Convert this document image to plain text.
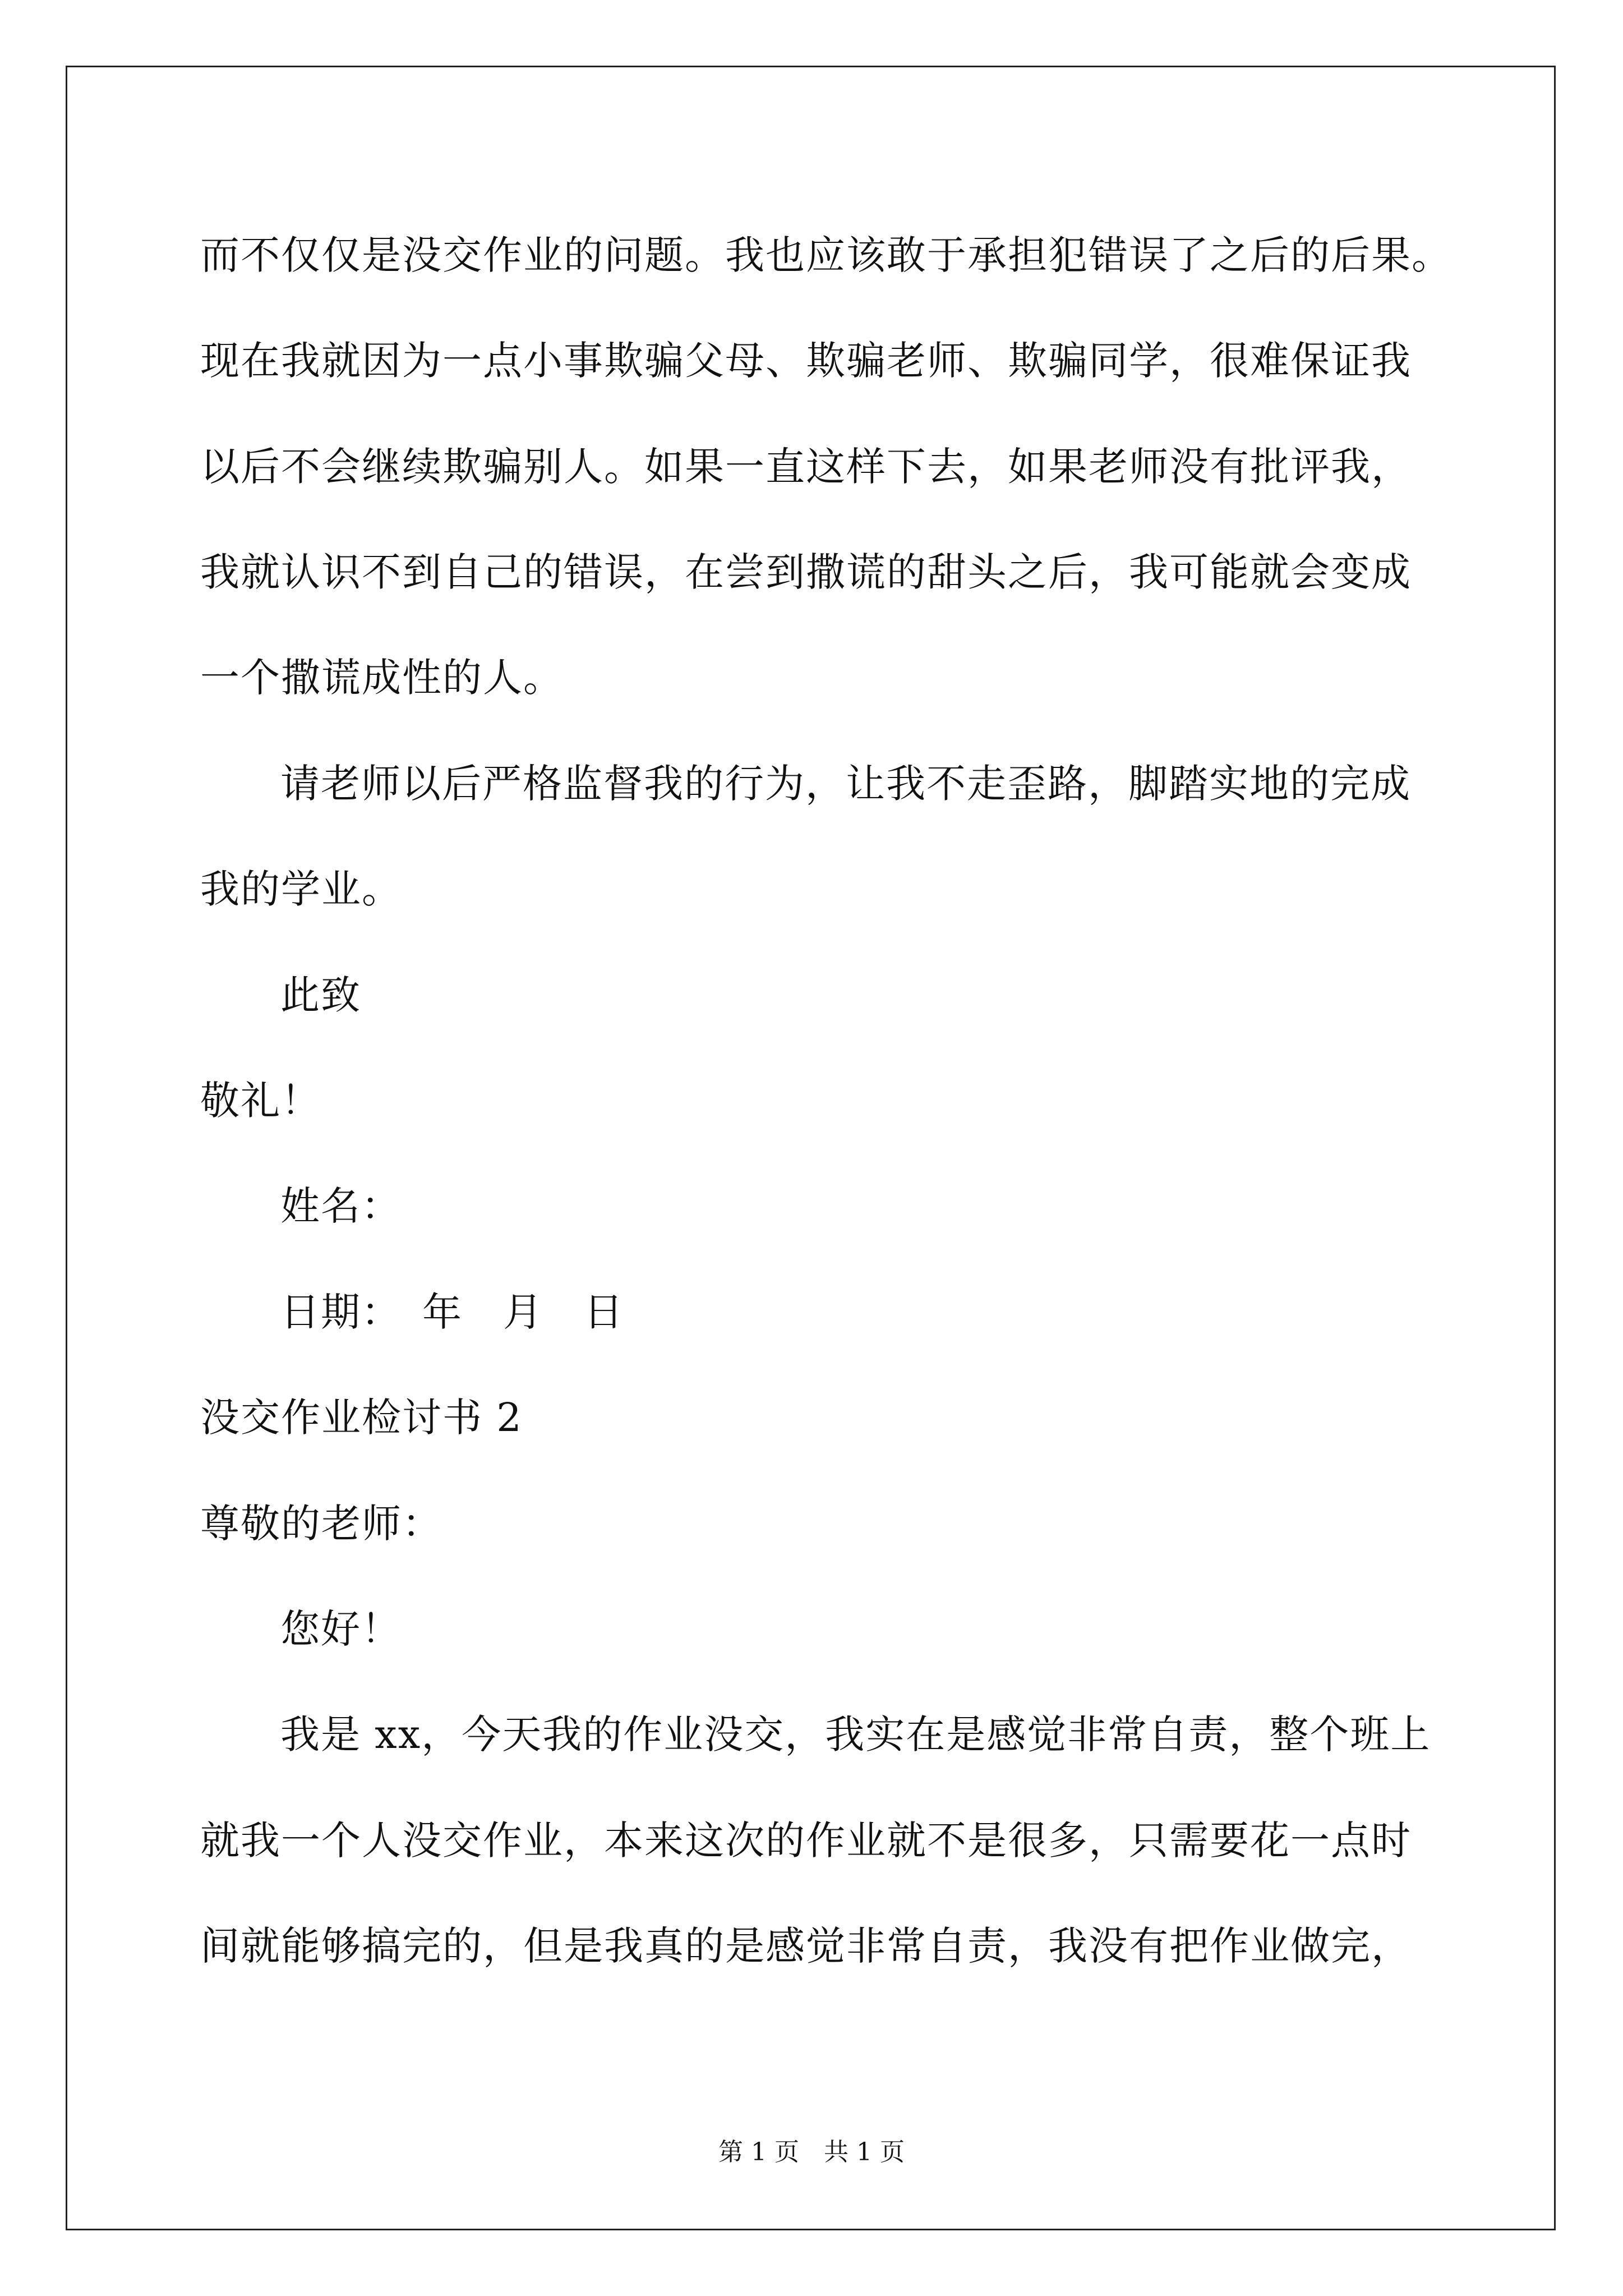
而不仅仅是没交作业的问题。我也应该敢于承担犯错误了之后的后果。
现在我就因为一点小事欺骗父母、欺骗老师、欺骗同学，很难保证我
以后不会继续欺骗别人。如果一直这样下去，如果老师没有批评我，
我就认识不到自己的错误，在尝到撒谎的甜头之后，我可能就会变成
一个撒谎成性的人。
请老师以后严格监督我的行为，让我不走歪路，脚踏实地的完成
我的学业。
此致
敬礼！
姓名：
日期：　年　月　日
没交作业检讨书 2
尊敬的老师：
您好！
我是 xx，今天我的作业没交，我实在是感觉非常自责，整个班上
就我一个人没交作业，本来这次的作业就不是很多，只需要花一点时
间就能够搞完的，但是我真的是感觉非常自责，我没有把作业做完，
第 1 页　共 1 页
